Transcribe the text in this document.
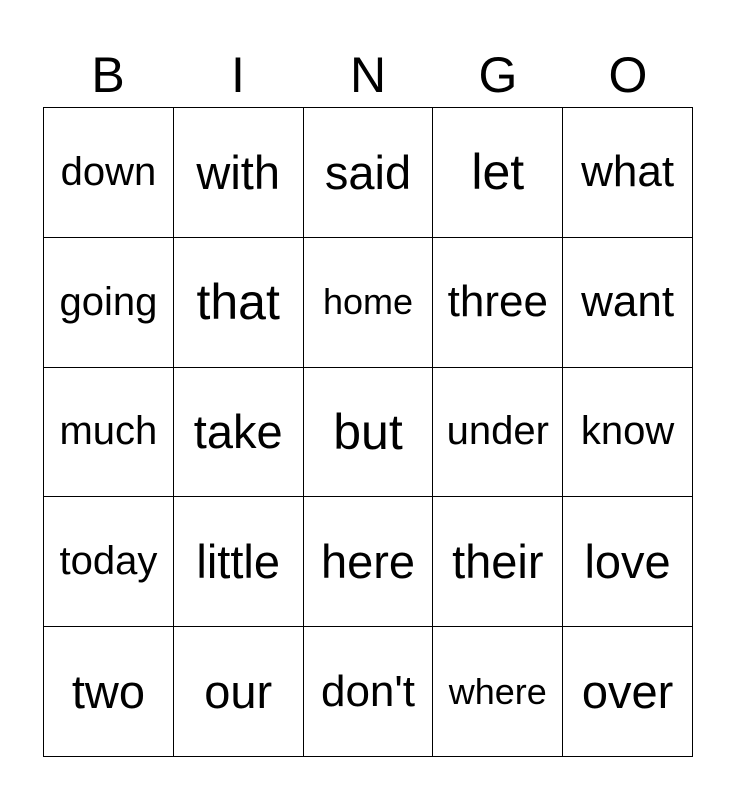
B	I	N	G	O
down with said let what
going that home three want
much take but under know
today little here their love
two our don't where over
